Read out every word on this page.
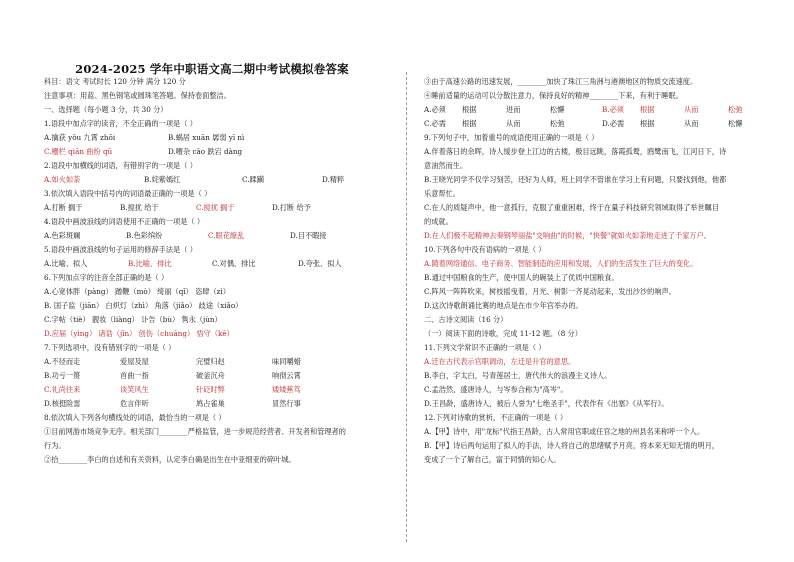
2024-2025 学年中职语文高二期中考试模拟卷答案
科目：语文 考试时长 120 分钟 满分 120 分
注意事项：用蓝、黑色钢笔或圆珠笔答题。保持卷面整洁。
一、选择题（每小题 3 分，共 30 分）
1.语段中加点字的读音，不全正确的一项是（ ）
A.擒获 yǒu 九霄 zhōi	B.蜗居 xuān 孱弱 yī nì
C.栅栏 qiān 曲纷 qū	D.嘈杂 cāo 跌宕 dàng
2.语段中加横线的词语，有错别字的一项是（ ）
A.如火如荼	B.姹紫嫣红	C.蹂躏	D.精粹
3.依次填入语段中括号内的词语最正确的一项是（ ）
A.打断 搁于	B.搅扰 给于	C.搅扰 搁于	D.打断 给予
4.语段中画波浪线的词语使用不正确的一项是（ ）
A.色彩斑斓	B.色彩缤纷	C.眼花缭乱	D.目不暇接
5.语段中画波浪线的句子运用的修辞手法是（ ）
A.比喻、拟人	B.比喻、排比	C.对偶、排比	D.夸张、拟人
6.下列加点字的注音全部正确的是（ ）
A.心宽体胖（pàng） 蹭鞭（mò） 绮丽（qǐ） 恣肆（zì）
B. 国子监（jiān） 白炽灯（zhì） 角落（jiǎo） 歧途（xiǎo）
C.字帖（tiè） 靓妆（liàng） 讣告（bù） 隽永（jùn）
D.应届（yìng） 诸诰（jīn） 创伤（chuāng） 悟守（kē）
7.下列选项中，没有错别字的一项是（ ）
A.不径而走	爱屋及屋	完璧归赵	味同嚼蜡
B.功亏一篑	首曲一指	破釜沉舟	响彻云霄
C.礼尚往来	谈笑风生	针砭时弊	矮矮蕉笃
D.核挺险雷	危言伴听	鸠占雀巢	冒然行事
8.依次填入下列各句横线处的词语，最恰当的一项是（ ）
①目前网游市场竞争无序。相关部门________严格监管，进一步规范经营者、开发者和管理者的
行为。
②拾________李白的自述和有关资料，认定李白确是出生在中亚细亚的碎叶城。
③由于高速公路的迅速发展，________加快了珠江三角洲与港澳地区的物质交流速度。
④睡前适量的运动可以分散注意力，保持良好的精神________下来，有利于睡眠。
A.必须	根据	进而	松懈	B.必须	根据	从而	松弛
C.必需	根据	从而	松弛	D.必需	根据	从而	松懈
9.下列句子中，加着重号的成语使用正确的一项是（ ）
A.伴着落日的余晖，诗人缓步登上江边的古楼，极目远眺，落霞孤鹜，鸥鹭南飞，江河日下，诗
意油然而生。
B.王晓光同学不仅学习刻苦，还好为人师，班上同学不管谁在学习上有问题，只要找到他，他都
乐意帮忙。
C.在人的质疑声中，他一意孤行，克服了重重困难，终于在量子科技研究领域取得了举世瞩目
的成就。
D.在人们极不起精神去奏钢琴丽盐"交响曲"的时候，"快餐"就如火如荼地走进了千家万户。
10.下列各句中没有语病的一项是（ ）
A.随着网络通信、电子商务、智能制造的应用和发展，人们的生活发生了巨大的变化。
B.通过中国粮食的生产，使中国人的碗装上了优质中国粮食。
C.阵风一阵阵吹来，树枝摇曳着，月光、树影一齐晃动起来，发出沙沙的响声。
D.这次诗歌朗诵比赛的地点是在市少年宫举办的。
二、古诗文阅读（16 分）
（一）阅读下面的诗歌，完成 11-12 题。（8 分）
11.下列文学常识不正确的一项是（ ）
A.迁在古代表示官职调动，左迁是升官的意思。
B.李白，字太白，号青莲居士，唐代伟大的浪漫主义诗人。
C.孟浩然，盛唐诗人，与岑参合称为"高岑"。
D.王昌龄，盛唐诗人，被后人誉为"七绝圣手"，代表作有《出塞》《从军行》。
12.下列对诗歌的赏析，不正确的一项是（ ）
A.【甲】诗中，用"龙标"代指王昌龄，古人常用官职或任官之地的州县名来称呼一个人。
B.【甲】诗后两句运用了拟人的手法，诗人将自己的思绪赋予月亮，将本来无知无情的明月，
变成了一个了解自己，富于同情的知心人。
